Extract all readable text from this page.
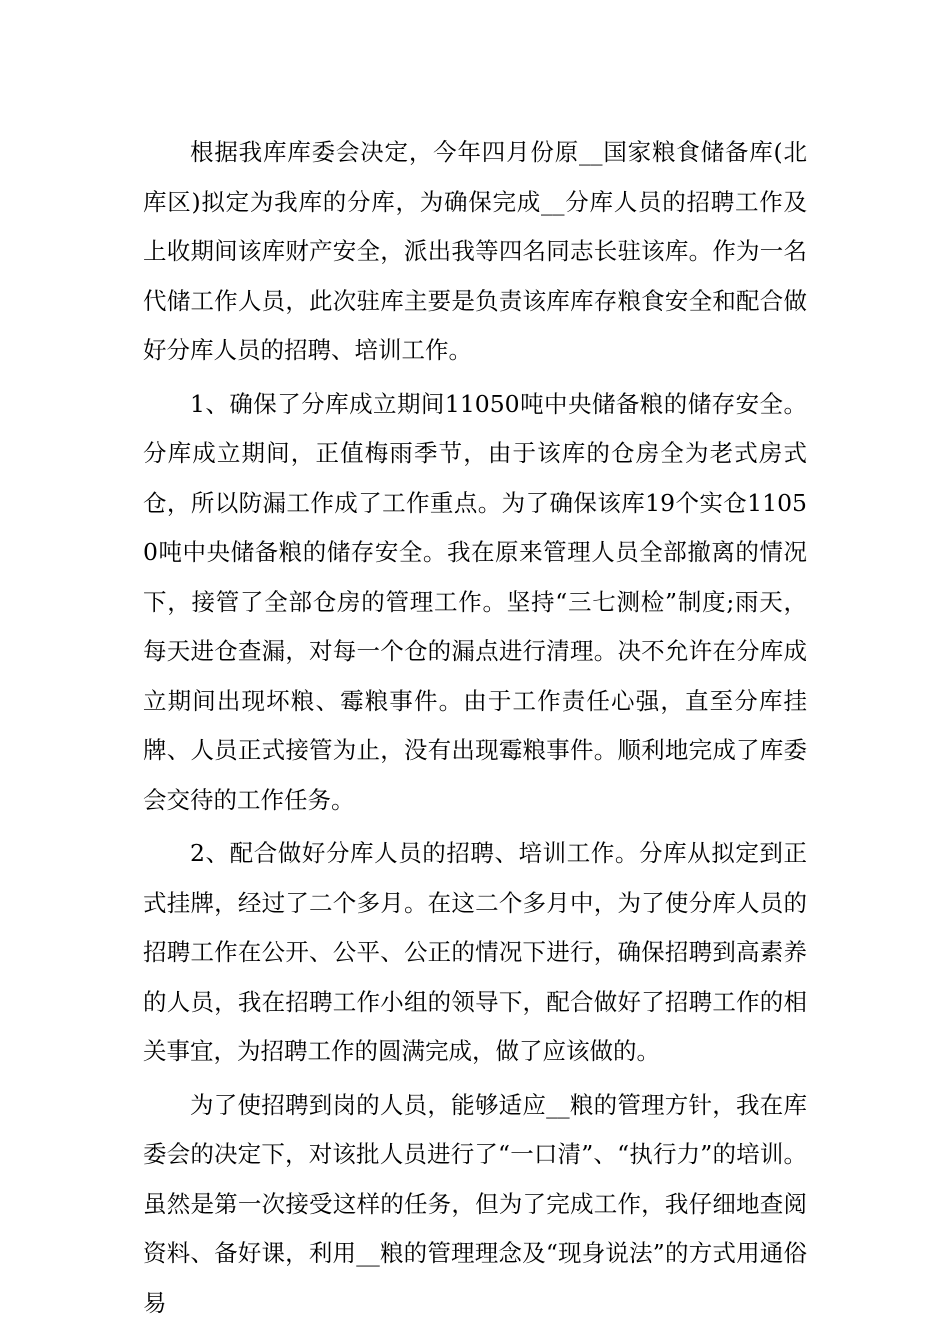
根据我库库委会决定，今年四月份原__国家粮食储备库(北库区)拟定为我库的分库，为确保完成__分库人员的招聘工作及上收期间该库财产安全，派出我等四名同志长驻该库。作为一名代储工作人员，此次驻库主要是负责该库库存粮食安全和配合做好分库人员的招聘、培训工作。

1、确保了分库成立期间11050吨中央储备粮的储存安全。分库成立期间，正值梅雨季节，由于该库的仓房全为老式房式仓，所以防漏工作成了工作重点。为了确保该库19个实仓11050吨中央储备粮的储存安全。我在原来管理人员全部撤离的情况下，接管了全部仓房的管理工作。坚持“三七测检”制度;雨天，每天进仓查漏，对每一个仓的漏点进行清理。决不允许在分库成立期间出现坏粮、霉粮事件。由于工作责任心强，直至分库挂牌、人员正式接管为止，没有出现霉粮事件。顺利地完成了库委会交待的工作任务。

2、配合做好分库人员的招聘、培训工作。分库从拟定到正式挂牌，经过了二个多月。在这二个多月中，为了使分库人员的招聘工作在公开、公平、公正的情况下进行，确保招聘到高素养的人员，我在招聘工作小组的领导下，配合做好了招聘工作的相关事宜，为招聘工作的圆满完成，做了应该做的。

为了使招聘到岗的人员，能够适应__粮的管理方针，我在库委会的决定下，对该批人员进行了“一口清”、“执行力”的培训。虽然是第一次接受这样的任务，但为了完成工作，我仔细地查阅资料、备好课，利用__粮的管理理念及“现身说法”的方式用通俗易
